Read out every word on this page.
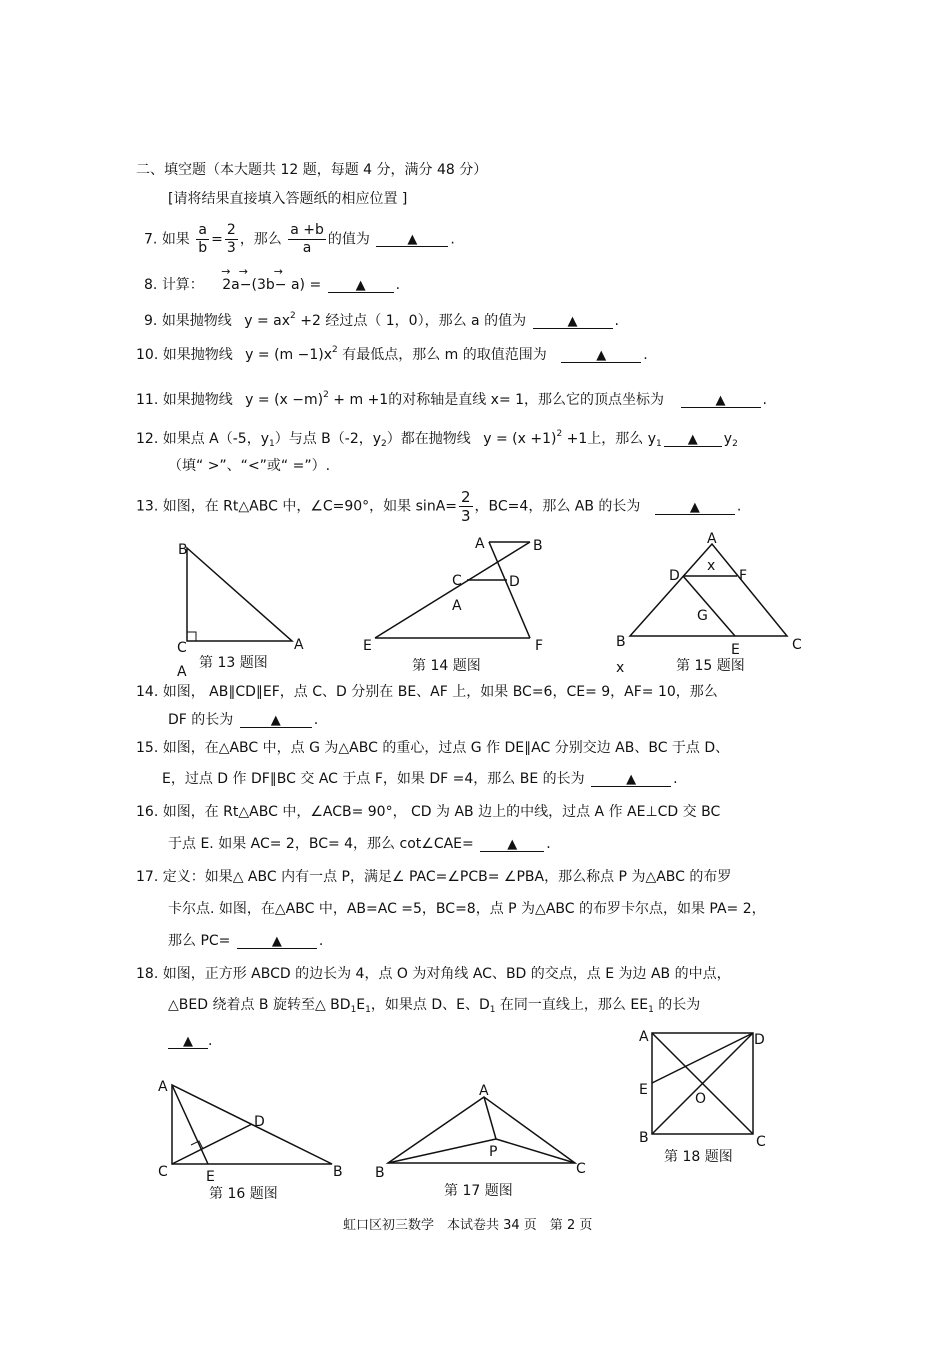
二、填空题（本大题共 12 题，每题 4 分，满分 48 分）
[请将结果直接填入答题纸的相应位置 ]
7. 如果 $\frac{a}{b} = \frac{2}{3}$ ，那么 $\frac{a +b}{a}$ 的值为	▲ .
8. 计算： → 2a→ −(3b→ − a) =	▲ .
9. 如果抛物线 $y = ax^2 +2$ 经过点（ 1，0），那么 a 的值为	▲	.
10. 如果抛物线 $y = (m -1)x^2$ 有最低点，那么 m 的取值范围为	▲	.
11. 如果抛物线 $y = (x -m)^2 + m +1$的对称轴是直线 x= 1，那么它的顶点坐标为	▲	.
12. 如果点 A（-5，$y_1$）与点 B（-2，$y_2$）都在抛物线 $y = (x +1)^2 +1$上，那么 $y_1$ ▲ $y_2$
（填“ >”、“<”或“ =”）.
13. 如图，在 Rt△ABC 中，∠C=90°，如果 $\sin A= \frac{2}{3}$ ，BC=4，那么 AB 的长为	▲	.
B
C	A
A
第 13 题图
A	B
C	D
A
E	F
第 14 题图
A
x
D	F
G
B	E	C
x	第 15 题图
14. 如图， AB∥CD∥EF，点 C、D 分别在 BE、AF 上，如果 BC=6，CE= 9，AF= 10，那么
DF 的长为	▲ .
15. 如图，在△ABC 中，点 G 为△ABC 的重心，过点 G 作 DE∥AC 分别交边 AB、BC 于点 D、
E，过点 D 作 DF∥BC 交 AC 于点 F，如果 DF =4，那么 BE 的长为	▲	.
16. 如图，在 Rt△ABC 中，∠ACB= 90°， CD 为 AB 边上的中线，过点 A 作 AE⊥CD 交 BC
于点 E. 如果 AC= 2，BC= 4，那么 cot∠CAE=	▲ .
17. 定义：如果△ ABC 内有一点 P，满足∠ PAC=∠PCB= ∠PBA，那么称点 P 为△ABC 的布罗
卡尔点. 如图，在△ABC 中，AB=AC =5，BC=8，点 P 为△ABC 的布罗卡尔点，如果 PA= 2，
那么 PC=	▲	.
18. 如图，正方形 ABCD 的边长为 4，点 O 为对角线 AC、BD 的交点，点 E 为边 AB 的中点，
△BED 绕着点 B 旋转至△ $BD_1E_1$，如果点 D、E、$D_1$ 在同一直线上，那么 $EE_1$ 的长为
▲ .
A
D
C	E	B
第 16 题图
A
P
B	C
第 17 题图
A	D
E
O
B	C
第 18 题图
虹口区初三数学　本试卷共 34 页　第 2 页
